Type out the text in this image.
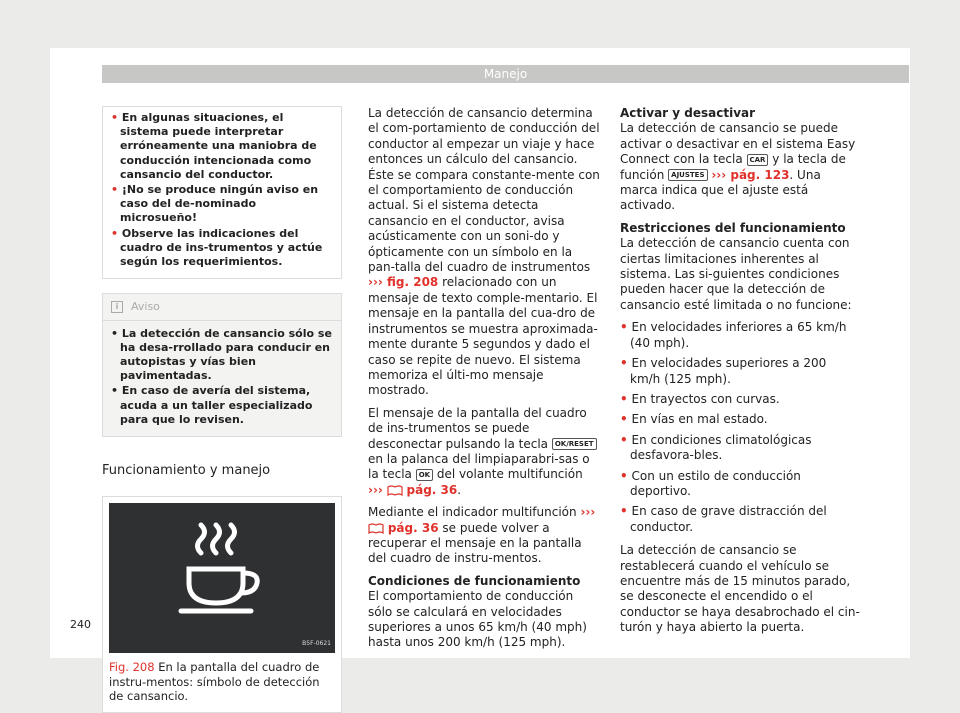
Manejo
• En algunas situaciones, el sistema puede interpretar erróneamente una maniobra de conducción intencionada como cansancio del conductor.
• ¡No se produce ningún aviso en caso del de-nominado microsueño!
• Observe las indicaciones del cuadro de ins-trumentos y actúe según los requerimientos.
i	Aviso
• La detección de cansancio sólo se ha desa-rrollado para conducir en autopistas y vías bien pavimentadas.
• En caso de avería del sistema, acuda a un taller especializado para que lo revisen.
Funcionamiento y manejo
B5F-0621
Fig. 208 En la pantalla del cuadro de instru-mentos: símbolo de detección de cansancio.

La detección de cansancio determina el com-portamiento de conducción del conductor al empezar un viaje y hace entonces un cálculo del cansancio. Éste se compara constante-mente con el comportamiento de conducción actual. Si el sistema detecta cansancio en el conductor, avisa acústicamente con un soni-do y ópticamente con un símbolo en la pan-talla del cuadro de instrumentos ››› fig. 208 relacionado con un mensaje de texto comple-mentario. El mensaje en la pantalla del cua-dro de instrumentos se muestra aproximada-mente durante 5 segundos y dado el caso se repite de nuevo. El sistema memoriza el últi-mo mensaje mostrado.

El mensaje de la pantalla del cuadro de ins-trumentos se puede desconectar pulsando la tecla OK/RESET en la palanca del limpiaparabri-sas o la tecla OK del volante multifunción ››› pág. 36.

Mediante el indicador multifunción ›››  pág. 36 se puede volver a recuperar el mensaje en la pantalla del cuadro de instru-mentos.

Condiciones de funcionamiento

El comportamiento de conducción sólo se calculará en velocidades superiores a unos 65 km/h (40 mph) hasta unos 200 km/h (125 mph).

Activar y desactivar

La detección de cansancio se puede activar o desactivar en el sistema Easy Connect con la tecla CAR y la tecla de función AJUSTES ››› pág. 123. Una marca indica que el ajuste está activado.

Restricciones del funcionamiento

La detección de cansancio cuenta con ciertas limitaciones inherentes al sistema. Las si-guientes condiciones pueden hacer que la detección de cansancio esté limitada o no funcione:

• En velocidades inferiores a 65 km/h (40 mph).
• En velocidades superiores a 200 km/h (125 mph).
• En trayectos con curvas.
• En vías en mal estado.
• En condiciones climatológicas desfavora-bles.
• Con un estilo de conducción deportivo.
• En caso de grave distracción del conductor.

La detección de cansancio se restablecerá cuando el vehículo se encuentre más de 15 minutos parado, se desconecte el encendido o el conductor se haya desabrochado el cin-turón y haya abierto la puerta.

240
